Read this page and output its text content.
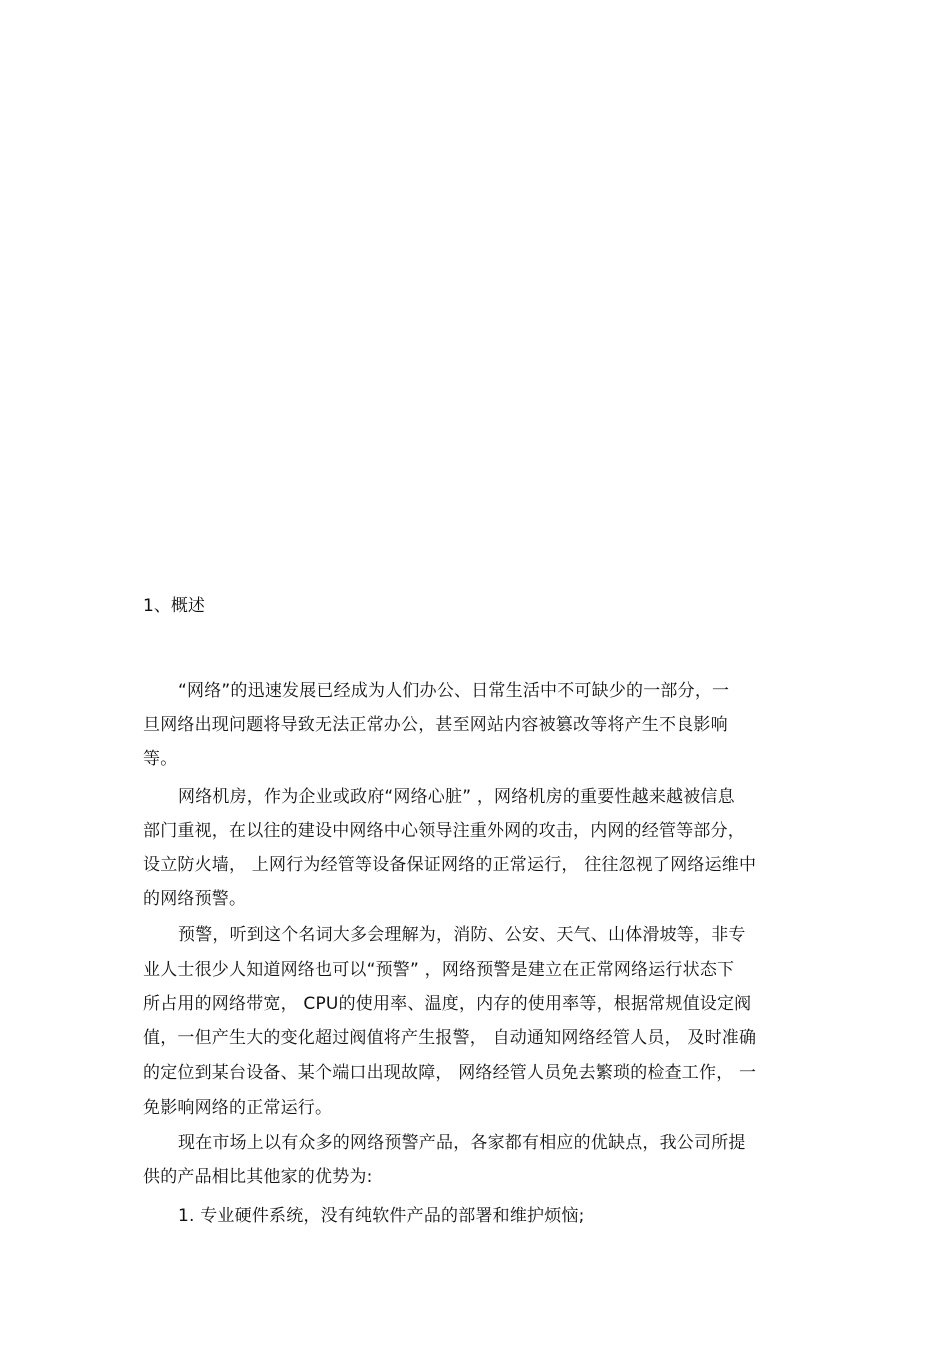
1、概述
“网络”的迅速发展已经成为人们办公、日常生活中不可缺少的一部分，一
旦网络出现问题将导致无法正常办公，甚至网站内容被篡改等将产生不良影响
等。
网络机房，作为企业或政府“网络心脏” ，网络机房的重要性越来越被信息
部门重视，在以往的建设中网络中心领导注重外网的攻击，内网的经管等部分，
设立防火墙， 上网行为经管等设备保证网络的正常运行， 往往忽视了网络运维中
的网络预警。
预警，听到这个名词大多会理解为，消防、公安、天气、山体滑坡等，非专
业人士很少人知道网络也可以“预警” ，网络预警是建立在正常网络运行状态下
所占用的网络带宽， CPU的使用率、温度，内存的使用率等，根据常规值设定阀
值，一但产生大的变化超过阀值将产生报警， 自动通知网络经管人员， 及时准确
的定位到某台设备、某个端口出现故障， 网络经管人员免去繁琐的检查工作， 一
免影响网络的正常运行。
现在市场上以有众多的网络预警产品，各家都有相应的优缺点，我公司所提
供的产品相比其他家的优势为:
1. 专业硬件系统，没有纯软件产品的部署和维护烦恼;
